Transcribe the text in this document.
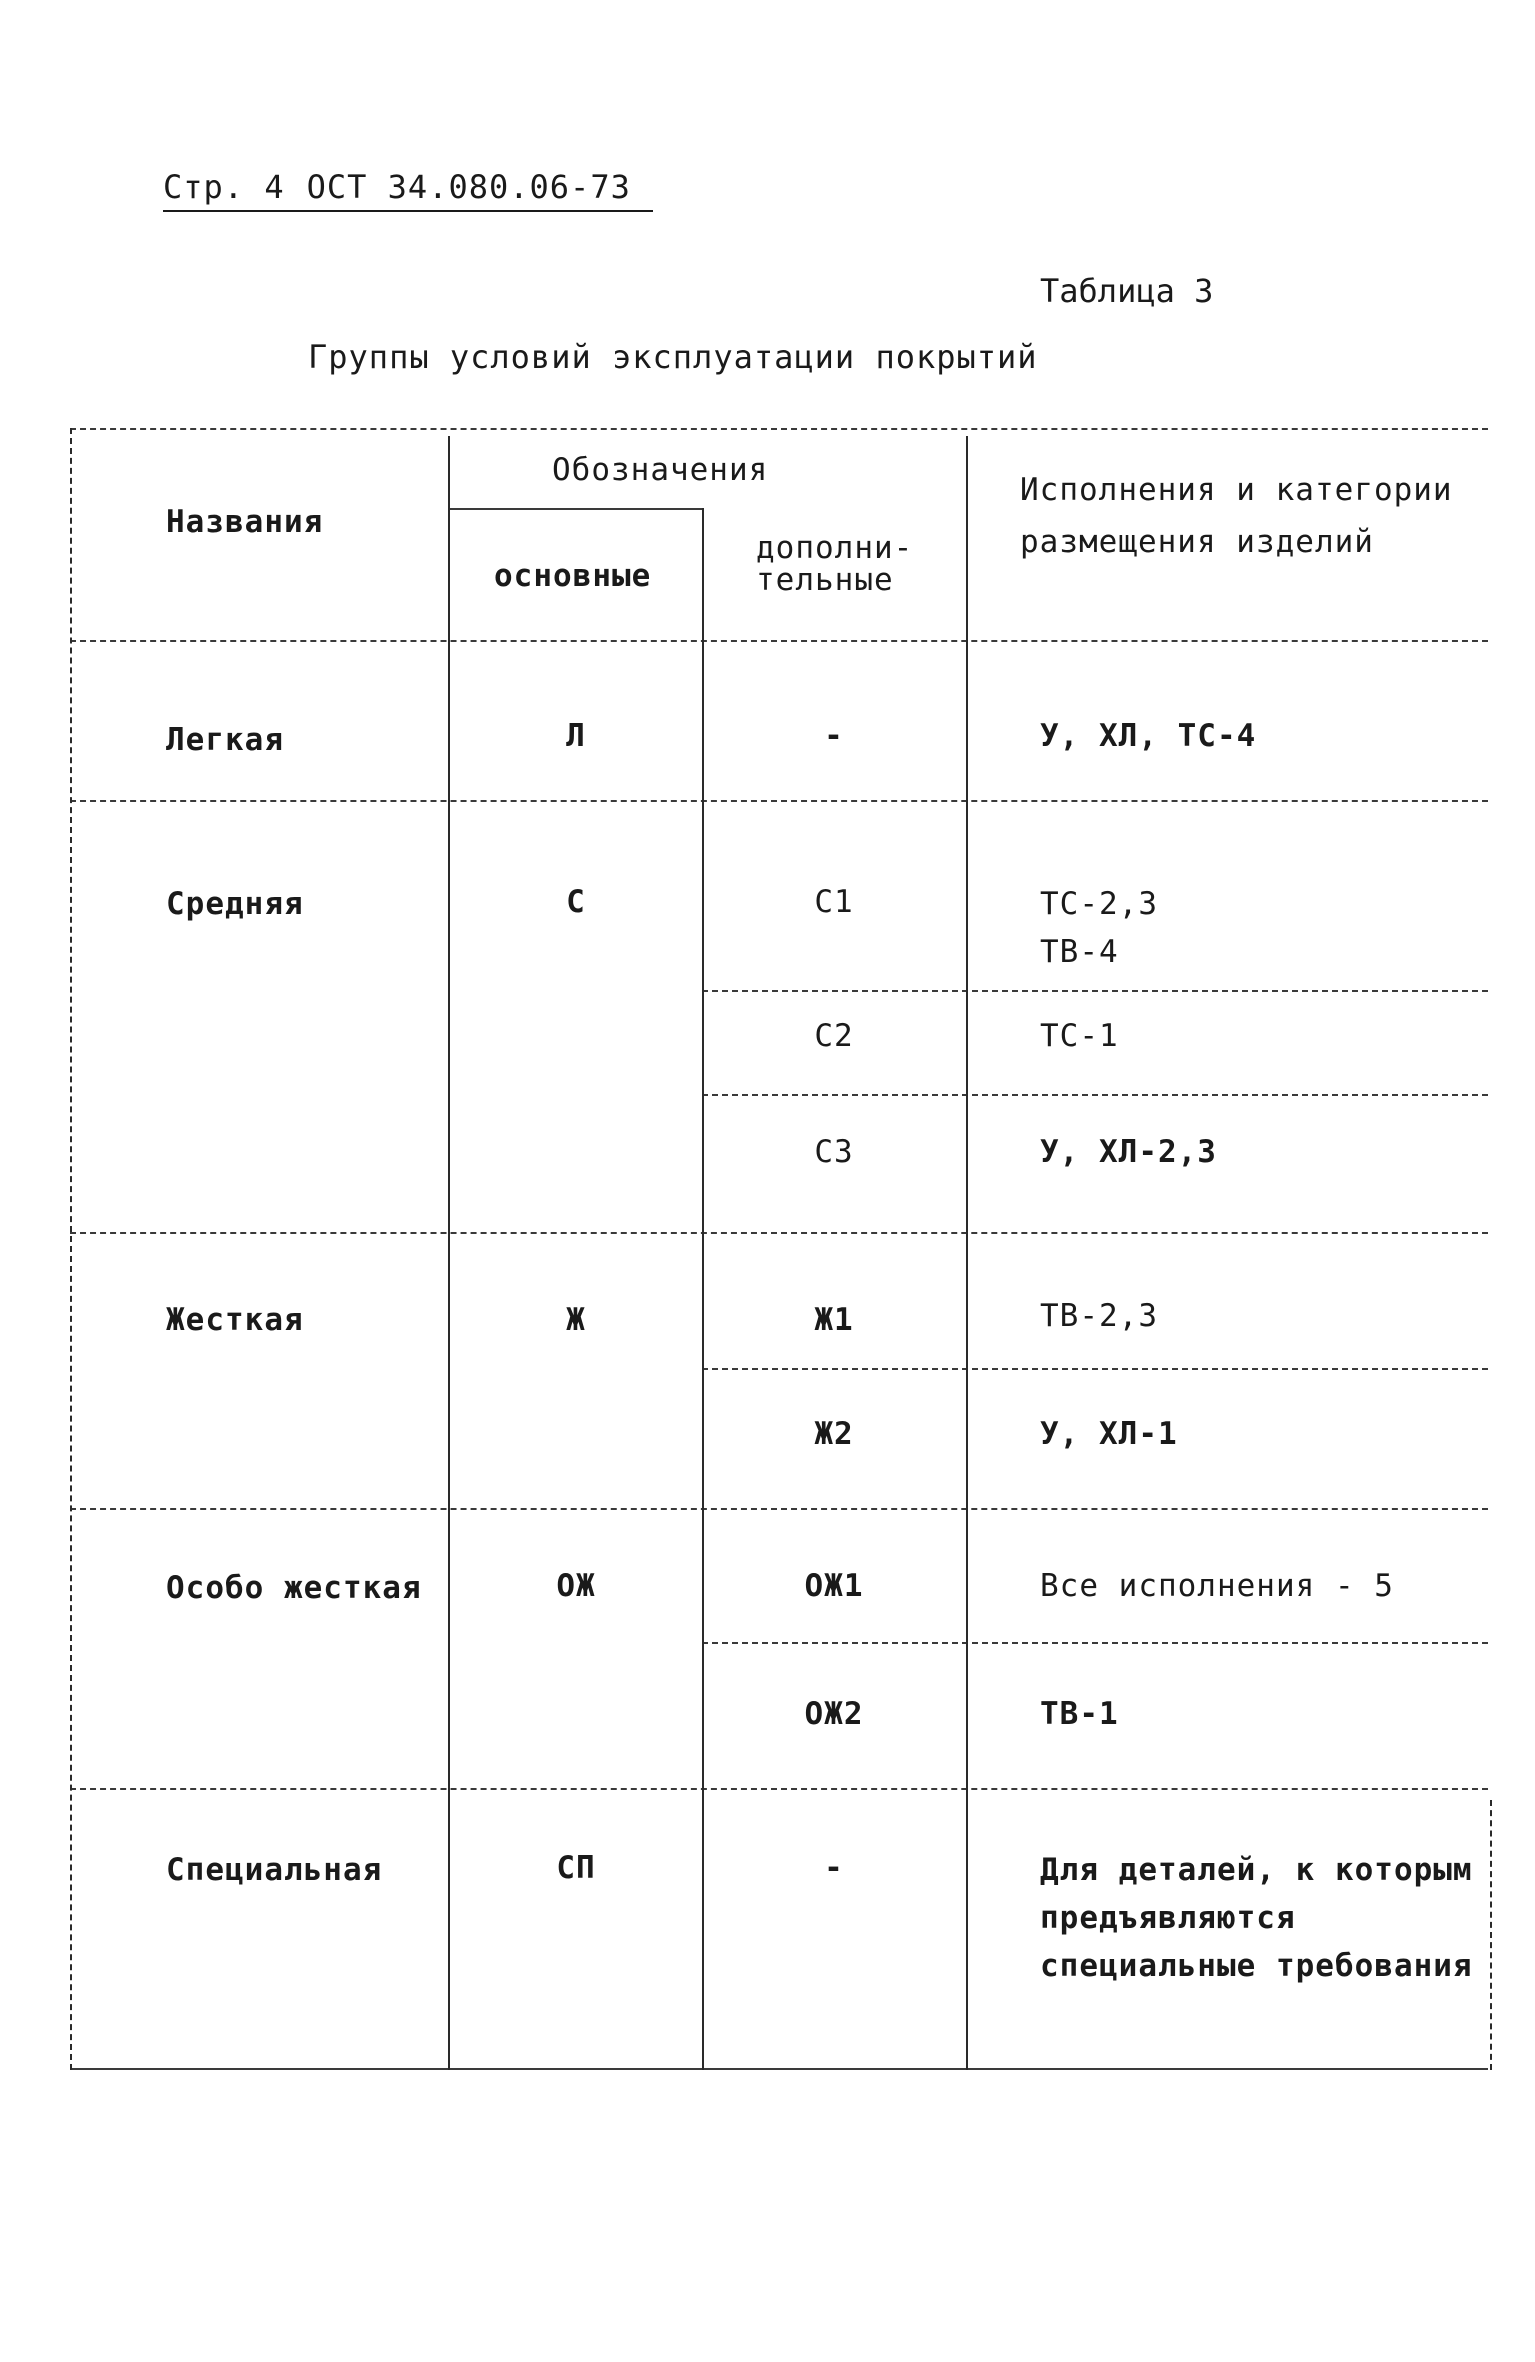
Стр. 4 ОСТ 34.080.06-73
Таблица 3
Группы условий эксплуатации покрытий
Названия
Обозначения
основные
дополни-
тельные
Исполнения и категории размещения изделий
Легкая	Л	-	У, ХЛ, ТС-4
Средняя	С	С1	ТС-2,3
ТВ-4
С2	ТС-1
С3	У, ХЛ-2,3
Жесткая	Ж	Ж1	ТВ-2,3
Ж2	У, ХЛ-1
Особо жесткая	ОЖ	ОЖ1	Все исполнения - 5
ОЖ2	ТВ-1
Специальная	СП	-	Для деталей, к которым предъявляются специальные требования
